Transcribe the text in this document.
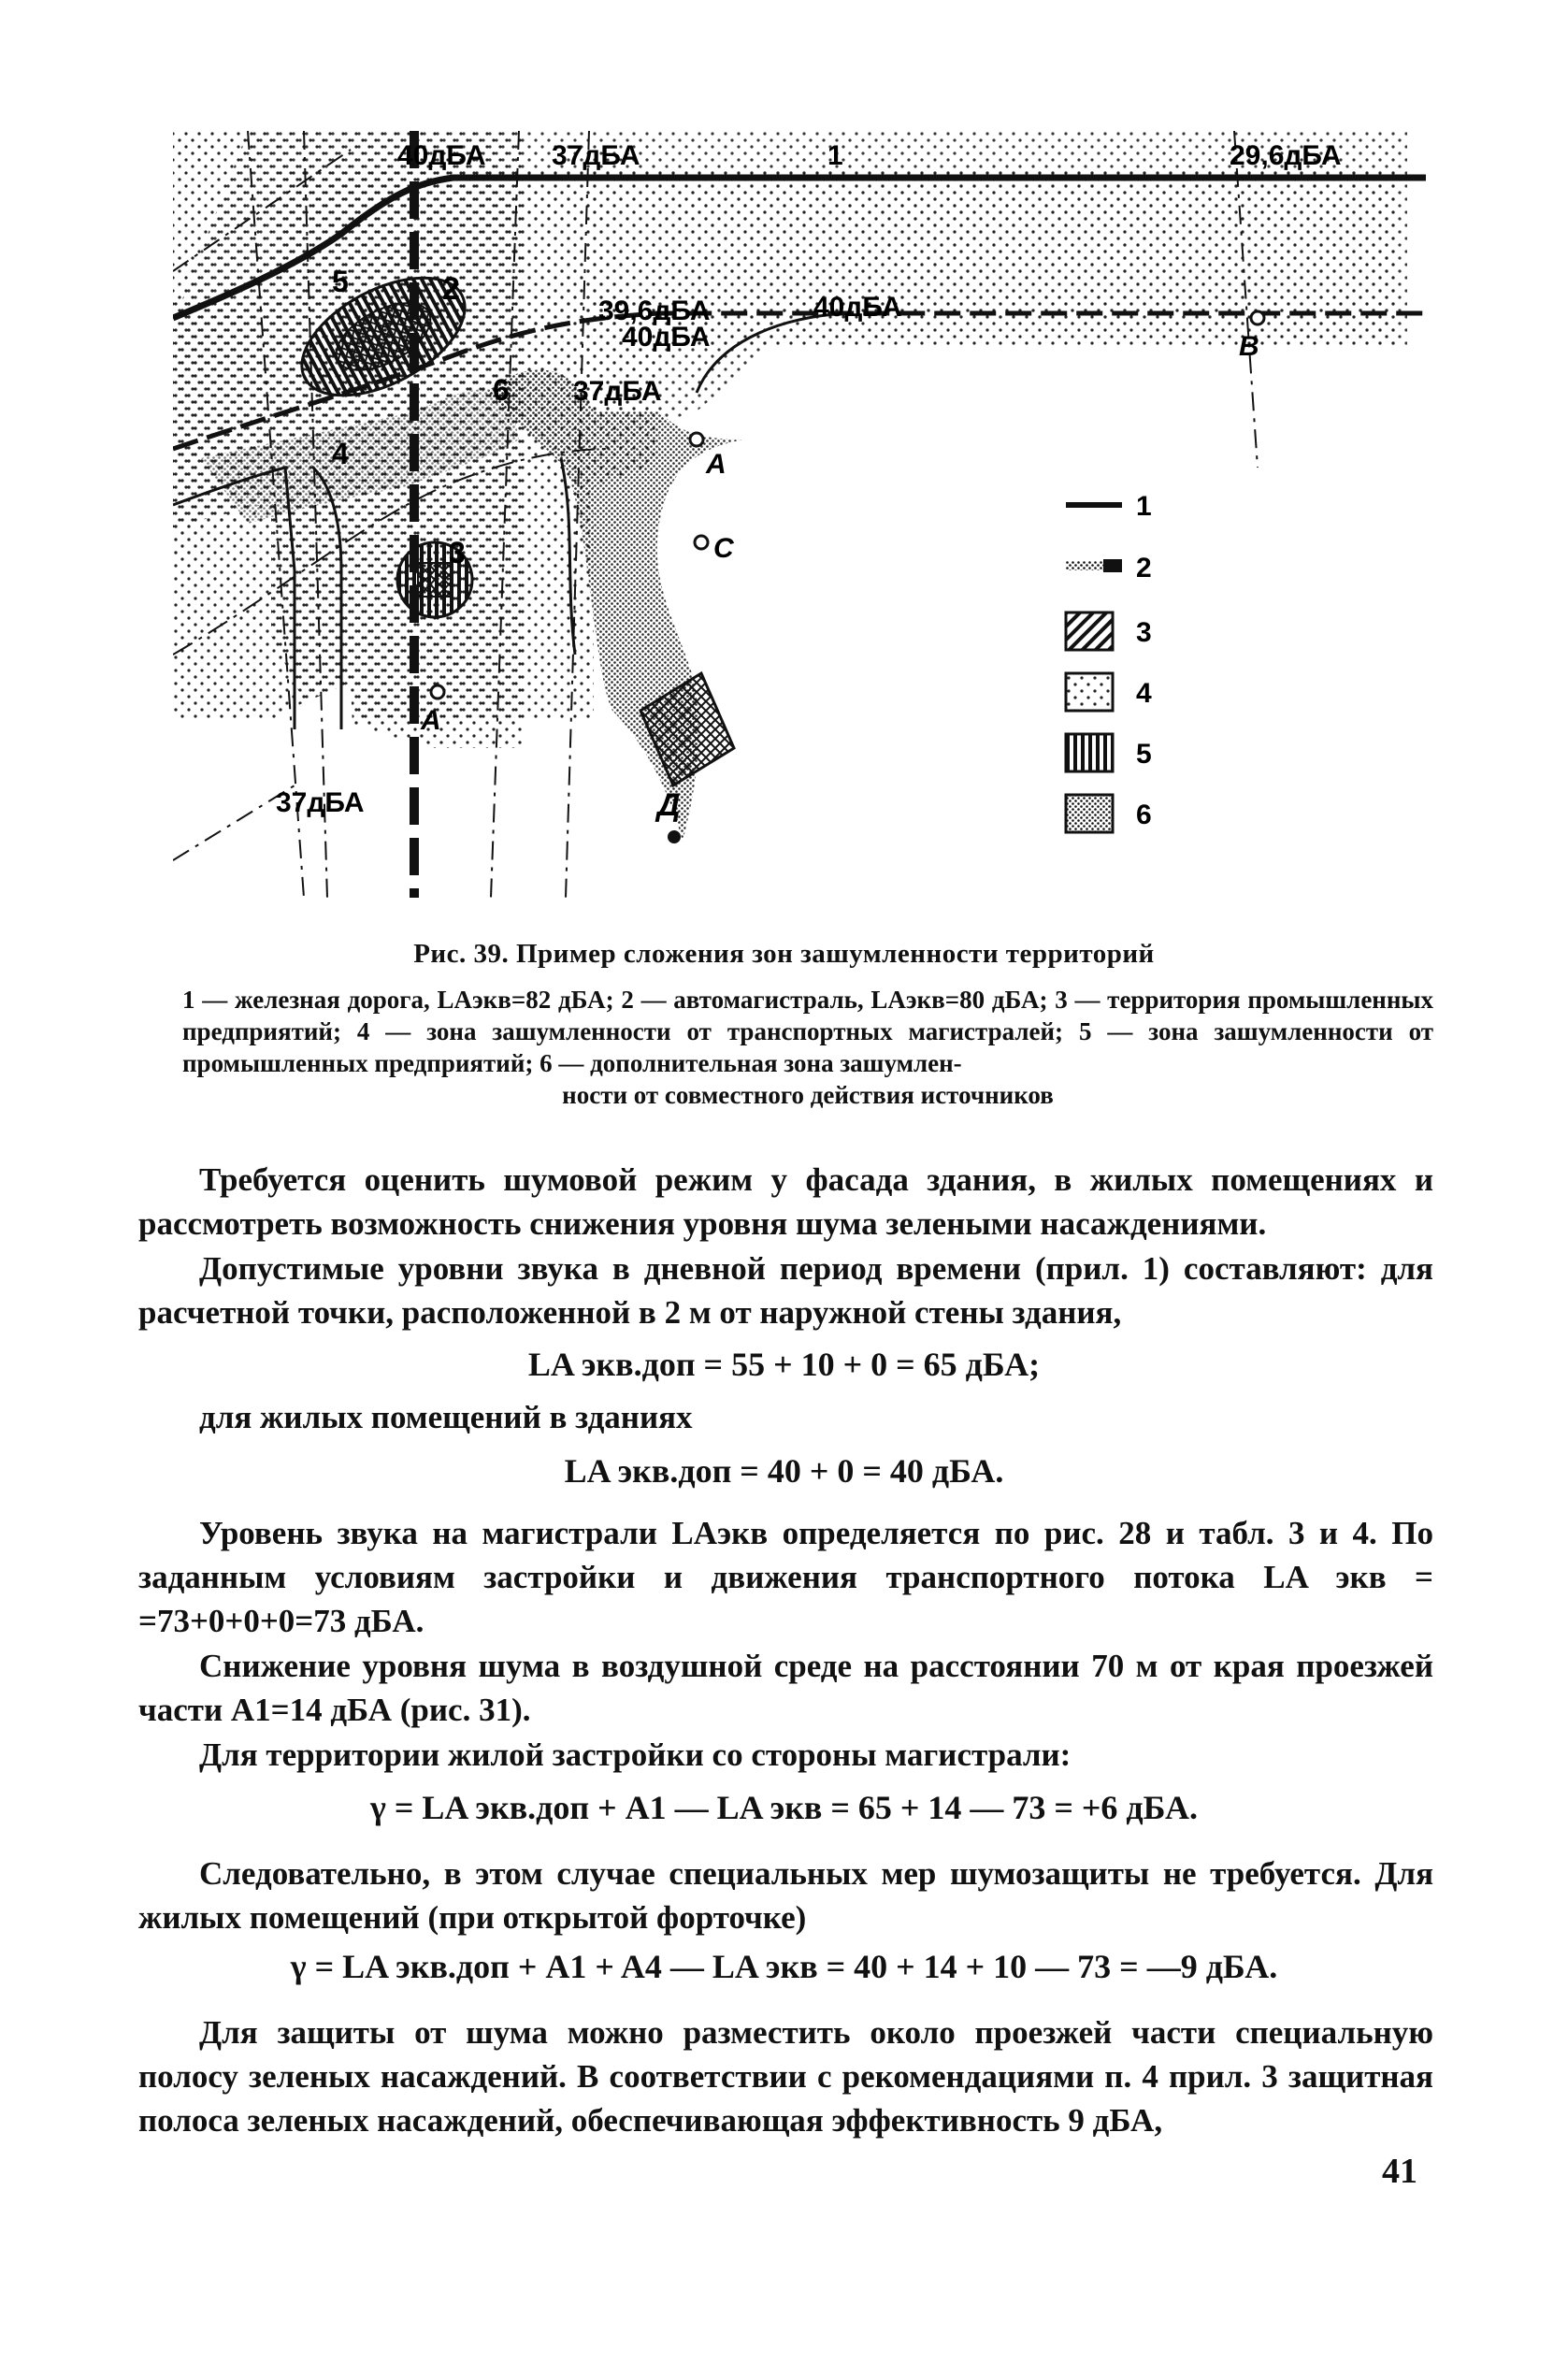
40дБА 37дБА	1	29,6дБА
5	2
39,6дБА	40дБА
6
40дБА	В
37дБА
А
4
3	С
А
37дБА	Д
1
2
3
4
5
6
Рис. 39. Пример сложения зон зашумленности территорий
1 — железная дорога, LAэкв=82 дБА; 2 — автомагистраль, LAэкв=80 дБА; 3 — территория промышленных предприятий; 4 — зона зашумленности от транспортных магистралей; 5 — зона зашумленности от промышленных предприятий; 6 — дополнительная зона зашумлен-
ности от совместного действия источников
Требуется оценить шумовой режим у фасада здания, в жилых помещениях и рассмотреть возможность снижения уровня шума зелеными насаждениями.
Допустимые уровни звука в дневной период времени (прил. 1) составляют: для расчетной точки, расположенной в 2 м от наружной стены здания,
LA экв.доп = 55 + 10 + 0 = 65 дБА;
для жилых помещений в зданиях
LA экв.доп = 40 + 0 = 40 дБА.
Уровень звука на магистрали LAэкв определяется по рис. 28 и табл. 3 и 4. По заданным условиям застройки и движения транспортного потока LA экв = =73+0+0+0=73 дБА.
Снижение уровня шума в воздушной среде на расстоянии 70 м от края проезжей части A1=14 дБА (рис. 31).
Для территории жилой застройки со стороны магистрали:
γ = LA экв.доп + A1 — LA экв = 65 + 14 — 73 = +6 дБА.
Следовательно, в этом случае специальных мер шумозащиты не требуется. Для жилых помещений (при открытой форточке)
γ = LA экв.доп + A1 + A4 — LA экв = 40 + 14 + 10 — 73 = —9 дБА.
Для защиты от шума можно разместить около проезжей части специальную полосу зеленых насаждений. В соответствии с рекомендациями п. 4 прил. 3 защитная полоса зеленых насаждений, обеспечивающая эффективность 9 дБА,
41
